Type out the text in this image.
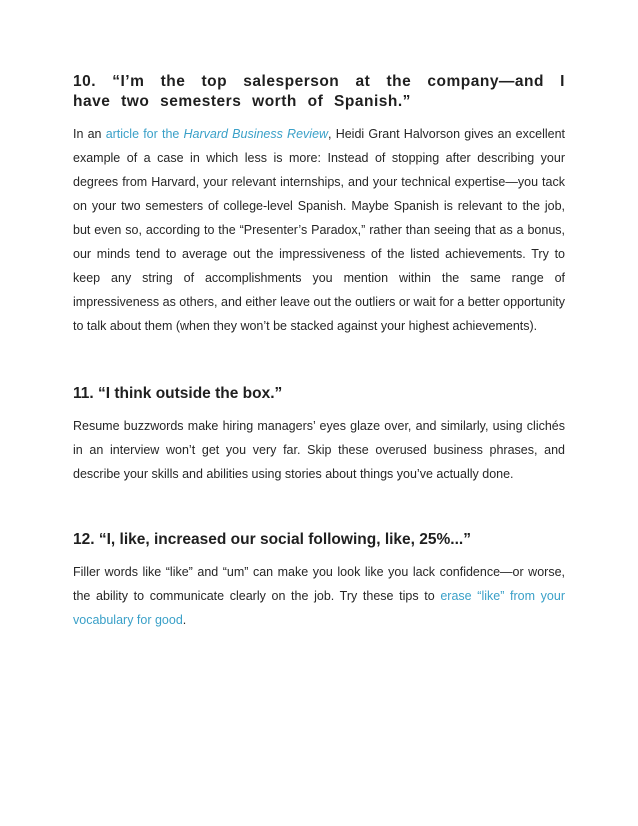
10. “I’m the top salesperson at the company—and I have two semesters worth of Spanish.”

In an article for the Harvard Business Review, Heidi Grant Halvorson gives an excellent example of a case in which less is more: Instead of stopping after describing your degrees from Harvard, your relevant internships, and your technical expertise—you tack on your two semesters of college-level Spanish. Maybe Spanish is relevant to the job, but even so, according to the “Presenter’s Paradox,” rather than seeing that as a bonus, our minds tend to average out the impressiveness of the listed achievements. Try to keep any string of accomplishments you mention within the same range of impressiveness as others, and either leave out the outliers or wait for a better opportunity to talk about them (when they won’t be stacked against your highest achievements).

11. “I think outside the box.”

Resume buzzwords make hiring managers’ eyes glaze over, and similarly, using clichés in an interview won’t get you very far. Skip these overused business phrases, and describe your skills and abilities using stories about things you’ve actually done.

12. “I, like, increased our social following, like, 25%...”

Filler words like “like” and “um” can make you look like you lack confidence—or worse, the ability to communicate clearly on the job. Try these tips to erase “like” from your vocabulary for good.
